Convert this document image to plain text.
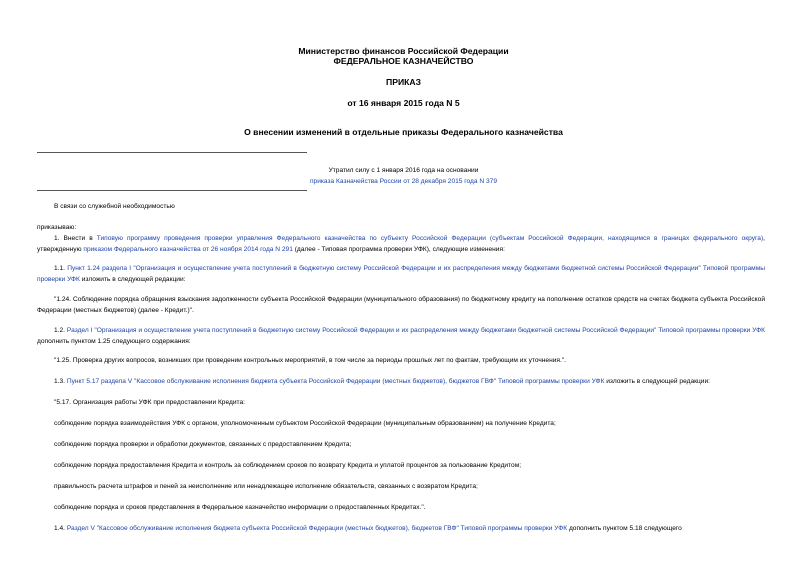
Министерство финансов Российской Федерации
ФЕДЕРАЛЬНОЕ КАЗНАЧЕЙСТВО
ПРИКАЗ
от 16 января 2015 года N 5
О внесении изменений в отдельные приказы Федерального казначейства
Утратил силу с 1 января 2016 года на основании
приказа Казначейства России от 28 декабря 2015 года N 379
В связи со служебной необходимостью
приказываю:
1. Внести в Типовую программу проведения проверки управления Федерального казначейства по субъекту Российской Федерации (субъектам Российской Федерации, находящимся в границах федерального округа), утвержденную приказом Федерального казначейства от 26 ноября 2014 года N 291 (далее - Типовая программа проверки УФК), следующие изменения:
1.1. Пункт 1.24 раздела I "Организация и осуществление учета поступлений в бюджетную систему Российской Федерации и их распределения между бюджетами бюджетной системы Российской Федерации" Типовой программы проверки УФК изложить в следующей редакции:
"1.24. Соблюдение порядка обращения взыскания задолженности субъекта Российской Федерации (муниципального образования) по бюджетному кредиту на пополнение остатков средств на счетах бюджета субъекта Российской Федерации (местных бюджетов) (далее - Кредит.)".
1.2. Раздел I "Организация и осуществление учета поступлений в бюджетную систему Российской Федерации и их распределения между бюджетами бюджетной системы Российской Федерации" Типовой программы проверки УФК дополнить пунктом 1.25 следующего содержания:
"1.25. Проверка других вопросов, возникших при проведении контрольных мероприятий, в том числе за периоды прошлых лет по фактам, требующим их уточнения.".
1.3. Пункт 5.17 раздела V "Кассовое обслуживание исполнения бюджета субъекта Российской Федерации (местных бюджетов), бюджетов ГВФ" Типовой программы проверки УФК изложить в следующей редакции:
"5.17. Организация работы УФК при предоставлении Кредита:
соблюдение порядка взаимодействия УФК с органом, уполномоченным субъектом Российской Федерации (муниципальным образованием) на получение Кредита;
соблюдение порядка проверки и обработки документов, связанных с предоставлением Кредита;
соблюдение порядка предоставления Кредита и контроль за соблюдением сроков по возврату Кредита и уплатой процентов за пользование Кредитом;
правильность расчета штрафов и пеней за неисполнение или ненадлежащее исполнение обязательств, связанных с возвратом Кредита;
соблюдение порядка и сроков представления в Федеральное казначейство информации о предоставленных Кредитах.".
1.4. Раздел V "Кассовое обслуживание исполнения бюджета субъекта Российской Федерации (местных бюджетов), бюджетов ГВФ" Типовой программы проверки УФК дополнить пунктом 5.18 следующего
